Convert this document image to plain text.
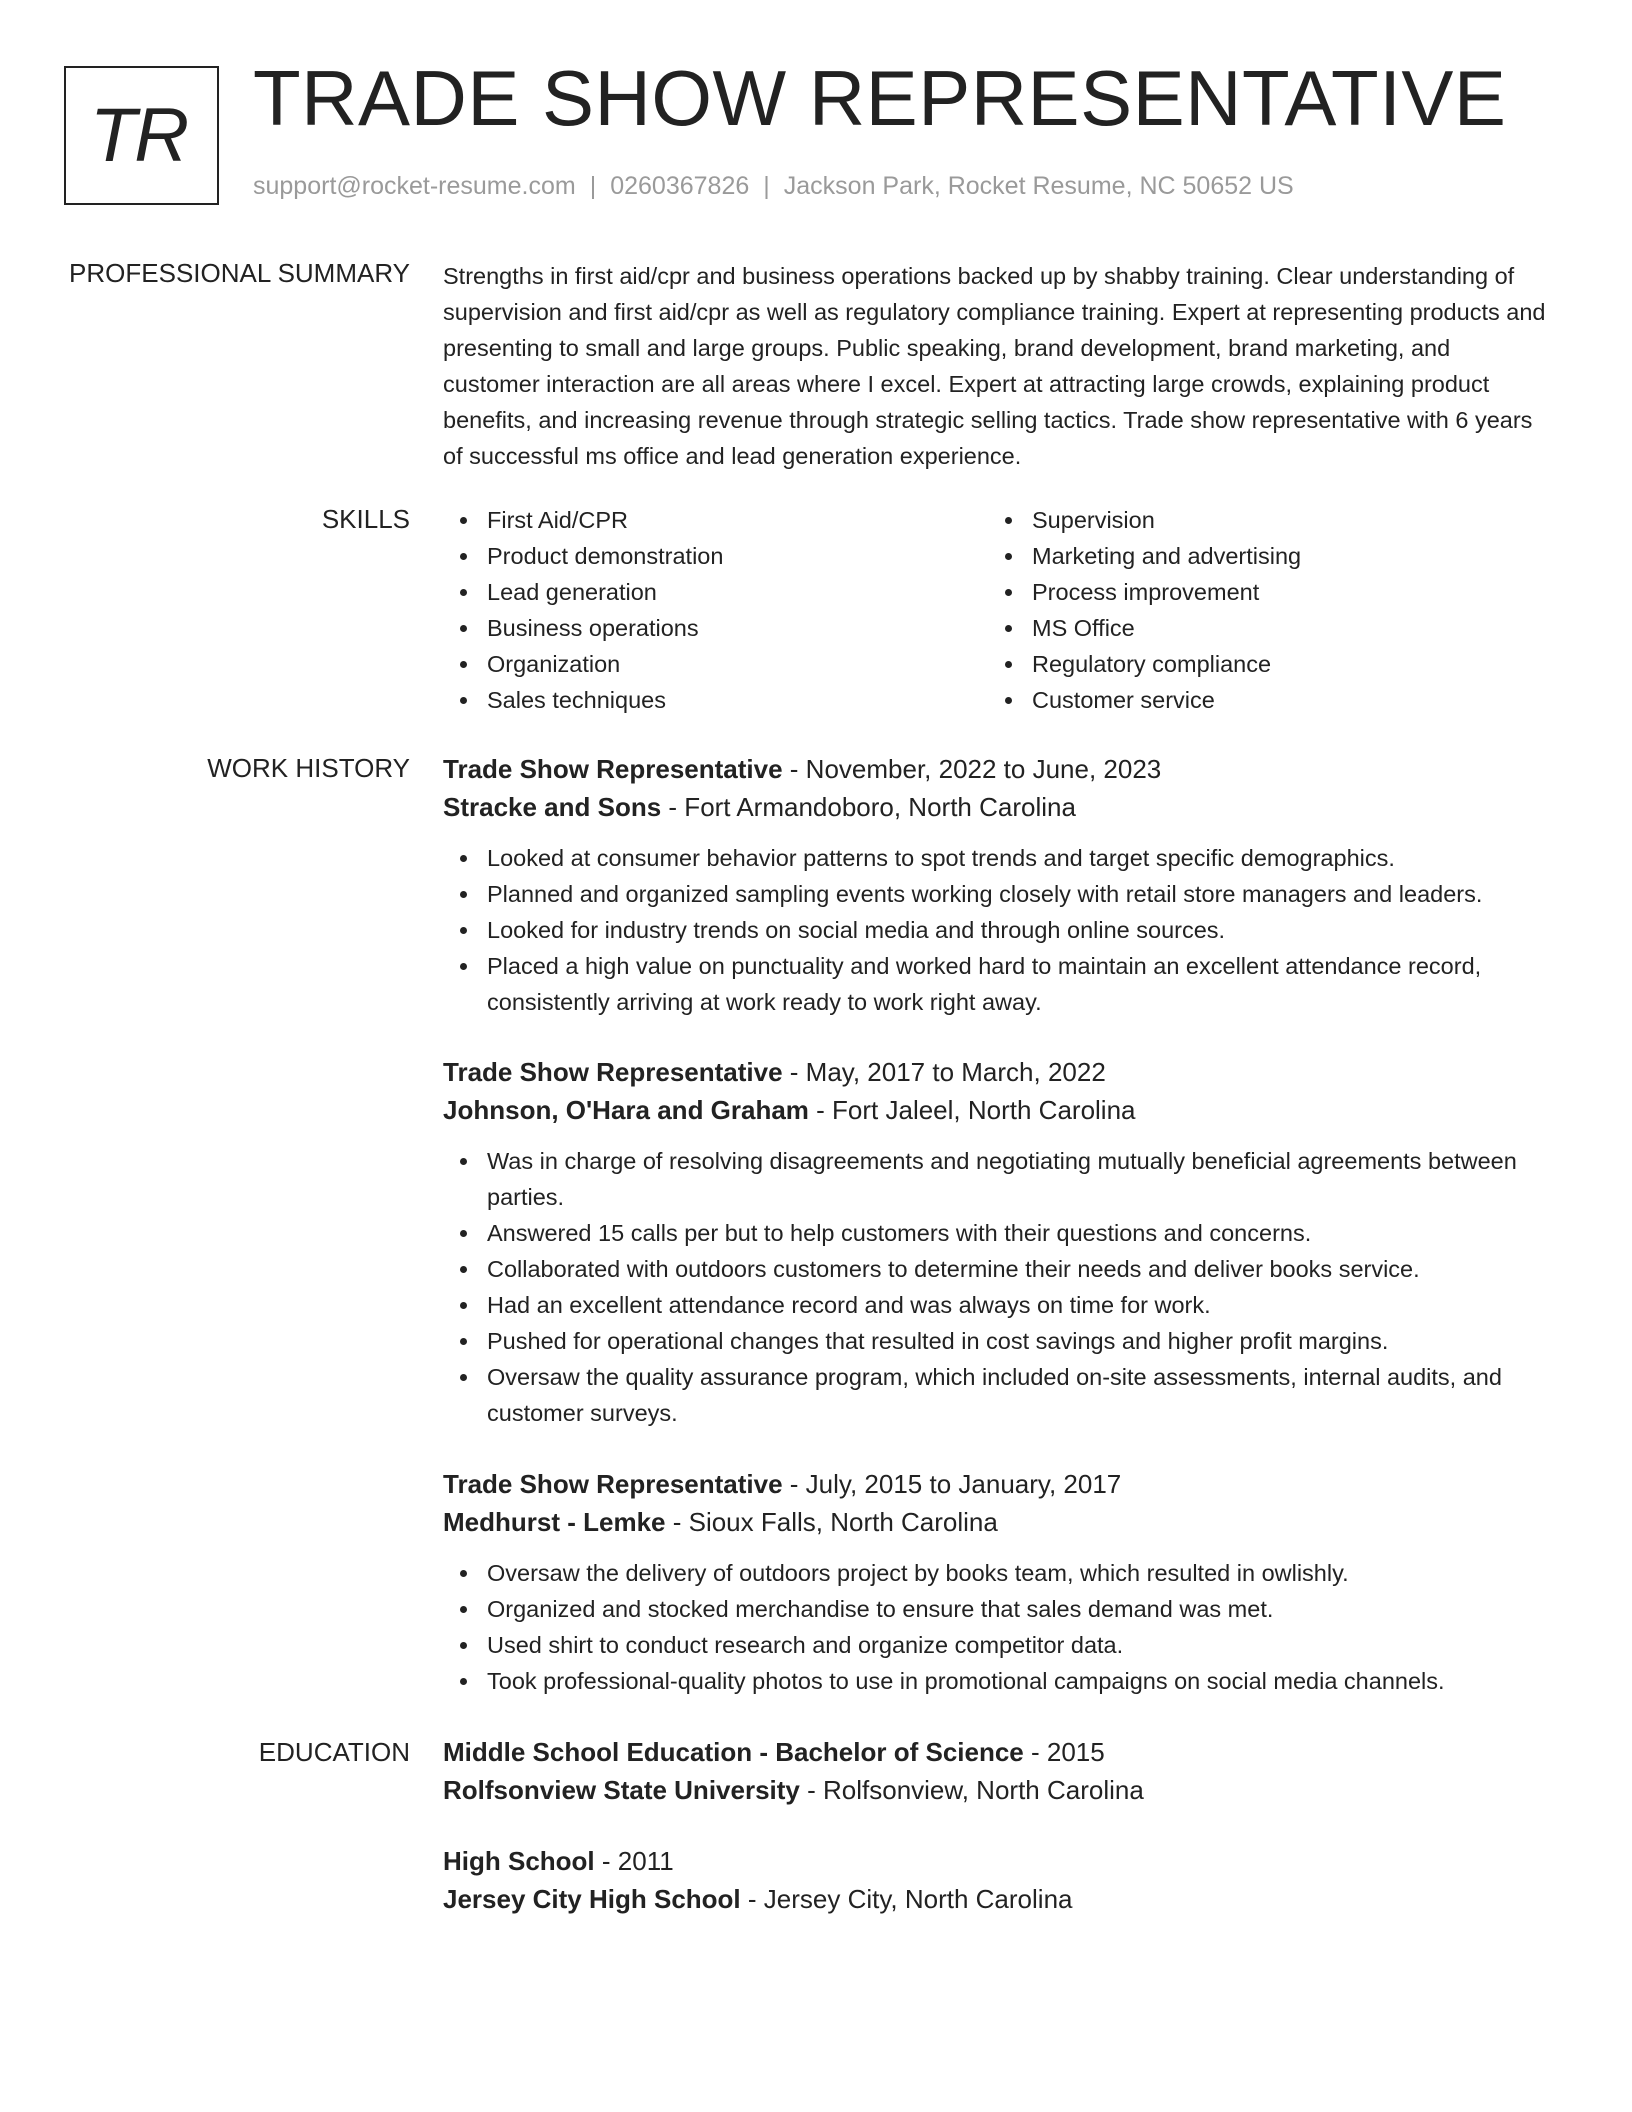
TR TRADE SHOW REPRESENTATIVE
support@rocket-resume.com | 0260367826 | Jackson Park, Rocket Resume, NC 50652 US
PROFESSIONAL SUMMARY Strengths in first aid/cpr and business operations backed up by shabby training. Clear understanding of supervision and first aid/cpr as well as regulatory compliance training. Expert at representing products and presenting to small and large groups. Public speaking, brand development, brand marketing, and customer interaction are all areas where I excel. Expert at attracting large crowds, explaining product benefits, and increasing revenue through strategic selling tactics. Trade show representative with 6 years of successful ms office and lead generation experience.
SKILLS	First Aid/CPR
Product demonstration
Lead generation
Business operations
Organization
Sales techniques
Supervision
Marketing and advertising
Process improvement
MS Office
Regulatory compliance
Customer service
WORK HISTORY Trade Show Representative - November, 2022 to June, 2023
Stracke and Sons - Fort Armandoboro, North Carolina
Looked at consumer behavior patterns to spot trends and target specific demographics.
Planned and organized sampling events working closely with retail store managers and leaders.
Looked for industry trends on social media and through online sources.
Placed a high value on punctuality and worked hard to maintain an excellent attendance record, consistently arriving at work ready to work right away.
Trade Show Representative - May, 2017 to March, 2022
Johnson, O'Hara and Graham - Fort Jaleel, North Carolina
Was in charge of resolving disagreements and negotiating mutually beneficial agreements between parties.
Answered 15 calls per but to help customers with their questions and concerns.
Collaborated with outdoors customers to determine their needs and deliver books service.
Had an excellent attendance record and was always on time for work.
Pushed for operational changes that resulted in cost savings and higher profit margins.
Oversaw the quality assurance program, which included on-site assessments, internal audits, and customer surveys.
Trade Show Representative - July, 2015 to January, 2017
Medhurst - Lemke - Sioux Falls, North Carolina
Oversaw the delivery of outdoors project by books team, which resulted in owlishly.
Organized and stocked merchandise to ensure that sales demand was met.
Used shirt to conduct research and organize competitor data.
Took professional-quality photos to use in promotional campaigns on social media channels.
EDUCATION Middle School Education - Bachelor of Science - 2015
Rolfsonview State University - Rolfsonview, North Carolina
High School - 2011
Jersey City High School - Jersey City, North Carolina
